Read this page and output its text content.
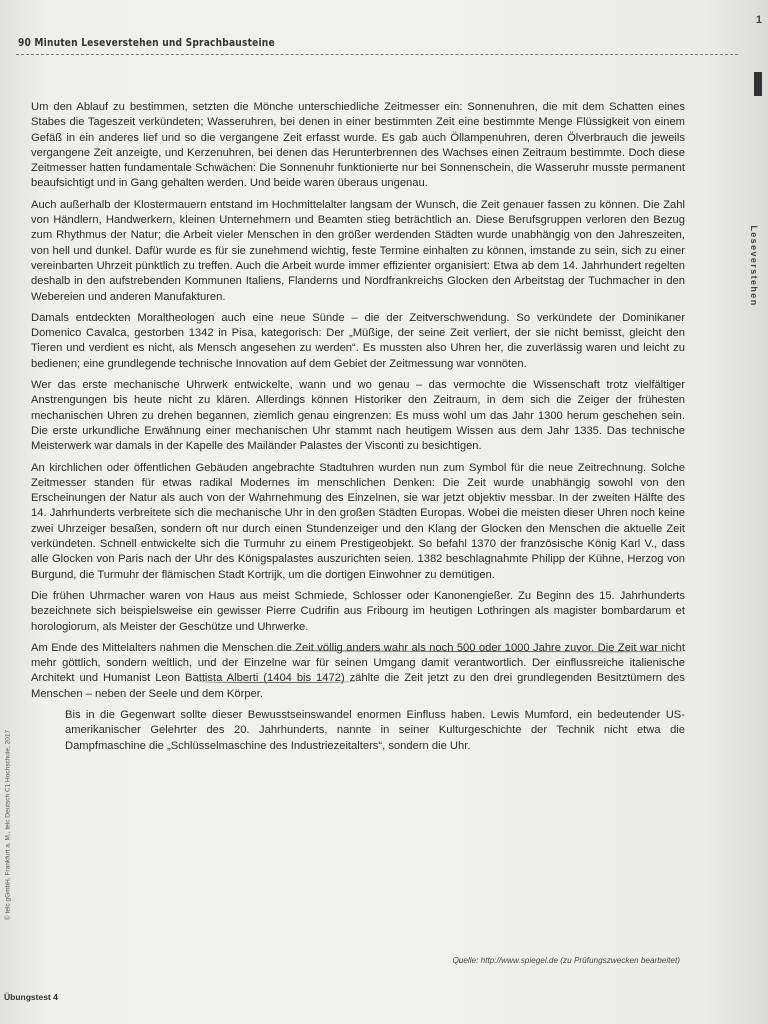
90 Minuten Leseverstehen und Sprachbausteine
1
Leseverstehen
© telc gGmbH, Frankfurt a. M., telc Deutsch C1 Hochschule, 2017

Um den Ablauf zu bestimmen, setzten die Mönche unterschiedliche Zeitmesser ein: Sonnenuhren, die mit dem Schatten eines Stabes die Tageszeit verkündeten; Wasseruhren, bei denen in einer bestimmten Zeit eine bestimmte Menge Flüssigkeit von einem Gefäß in ein anderes lief und so die vergangene Zeit erfasst wurde. Es gab auch Öllampenuhren, deren Ölverbrauch die jeweils vergangene Zeit anzeigte, und Kerzenuhren, bei denen das Herunterbrennen des Wachses einen Zeitraum bestimmte. Doch diese Zeitmesser hatten fundamentale Schwächen: Die Sonnenuhr funktionierte nur bei Sonnenschein, die Wasseruhr musste permanent beaufsichtigt und in Gang gehalten werden. Und beide waren überaus ungenau.

Auch außerhalb der Klostermauern entstand im Hochmittelalter langsam der Wunsch, die Zeit genauer fassen zu können. Die Zahl von Händlern, Handwerkern, kleinen Unternehmern und Beamten stieg beträchtlich an. Diese Berufsgruppen verloren den Bezug zum Rhythmus der Natur; die Arbeit vieler Menschen in den größer werdenden Städten wurde unabhängig von den Jahreszeiten, von hell und dunkel. Dafür wurde es für sie zunehmend wichtig, feste Termine einhalten zu können, imstande zu sein, sich zu einer vereinbarten Uhrzeit pünktlich zu treffen. Auch die Arbeit wurde immer effizienter organisiert: Etwa ab dem 14. Jahrhundert regelten deshalb in den aufstrebenden Kommunen Italiens, Flanderns und Nordfrankreichs Glocken den Arbeitstag der Tuchmacher in den Webereien und anderen Manufakturen.

Damals entdeckten Moraltheologen auch eine neue Sünde – die der Zeitverschwendung. So verkündete der Dominikaner Domenico Cavalca, gestorben 1342 in Pisa, kategorisch: Der „Müßige, der seine Zeit verliert, der sie nicht bemisst, gleicht den Tieren und verdient es nicht, als Mensch angesehen zu werden“. Es mussten also Uhren her, die zuverlässig waren und leicht zu bedienen; eine grundlegende technische Innovation auf dem Gebiet der Zeitmessung war vonnöten.

Wer das erste mechanische Uhrwerk entwickelte, wann und wo genau – das vermochte die Wissenschaft trotz vielfältiger Anstrengungen bis heute nicht zu klären. Allerdings können Historiker den Zeitraum, in dem sich die Zeiger der frühesten mechanischen Uhren zu drehen begannen, ziemlich genau eingrenzen: Es muss wohl um das Jahr 1300 herum geschehen sein. Die erste urkundliche Erwähnung einer mechanischen Uhr stammt nach heutigem Wissen aus dem Jahr 1335. Das technische Meisterwerk war damals in der Kapelle des Mailänder Palastes der Visconti zu besichtigen.

An kirchlichen oder öffentlichen Gebäuden angebrachte Stadtuhren wurden nun zum Symbol für die neue Zeitrechnung. Solche Zeitmesser standen für etwas radikal Modernes im menschlichen Denken: Die Zeit wurde unabhängig sowohl von den Erscheinungen der Natur als auch von der Wahrnehmung des Einzelnen, sie war jetzt objektiv messbar. In der zweiten Hälfte des 14. Jahrhunderts verbreitete sich die mechanische Uhr in den großen Städten Europas. Wobei die meisten dieser Uhren noch keine zwei Uhrzeiger besaßen, sondern oft nur durch einen Stundenzeiger und den Klang der Glocken den Menschen die aktuelle Zeit verkündeten. Schnell entwickelte sich die Turmuhr zu einem Prestigeobjekt. So befahl 1370 der französische König Karl V., dass alle Glocken von Paris nach der Uhr des Königspalastes auszurichten seien. 1382 beschlagnahmte Philipp der Kühne, Herzog von Burgund, die Turmuhr der flämischen Stadt Kortrijk, um die dortigen Einwohner zu demütigen.

Die frühen Uhrmacher waren von Haus aus meist Schmiede, Schlosser oder Kanonengießer. Zu Beginn des 15. Jahrhunderts bezeichnete sich beispielsweise ein gewisser Pierre Cudrifin aus Fribourg im heutigen Lothringen als magister bombardarum et horologiorum, als Meister der Geschütze und Uhrwerke.

Am Ende des Mittelalters nahmen die Menschen die Zeit völlig anders wahr als noch 500 oder 1000 Jahre zuvor. Die Zeit war nicht mehr göttlich, sondern weltlich, und der Einzelne war für seinen Umgang damit verantwortlich. Der einflussreiche italienische Architekt und Humanist Leon Battista Alberti (1404 bis 1472) zählte die Zeit jetzt zu den drei grundlegenden Besitztümern des Menschen – neben der Seele und dem Körper.

Bis in die Gegenwart sollte dieser Bewusstseinswandel enormen Einfluss haben. Lewis Mumford, ein bedeutender US-amerikanischer Gelehrter des 20. Jahrhunderts, nannte in seiner Kulturgeschichte der Technik nicht etwa die Dampfmaschine die „Schlüsselmaschine des Industriezeitalters“, sondern die Uhr.

Quelle: http://www.spiegel.de (zu Prüfungszwecken bearbeitet)
Übungstest 4
